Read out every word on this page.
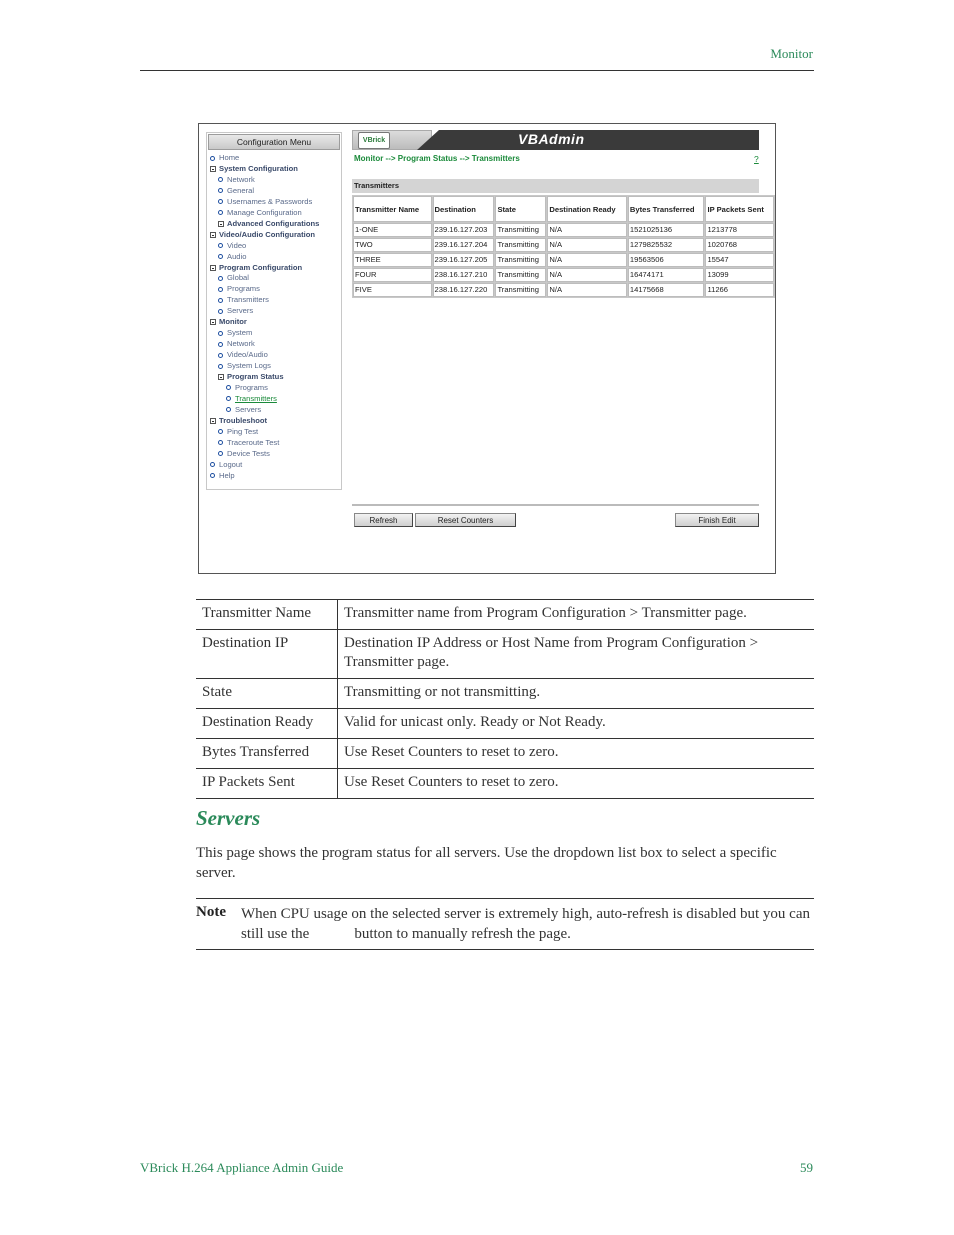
Monitor
Configuration Menu
Home
System Configuration
Network
General
Usernames & Passwords
Manage Configuration
Advanced Configurations
Video/Audio Configuration
Video
Audio
Program Configuration
Global
Programs
Transmitters
Servers
Monitor
System
Network
Video/Audio
System Logs
Program Status
Programs
Transmitters
Servers
Troubleshoot
Ping Test
Traceroute Test
Device Tests
Logout
Help
VBrick	VBAdmin
Monitor --> Program Status --> Transmitters	?
Transmitters
Transmitter Name	Destination	State	Destination Ready	Bytes Transferred	IP Packets Sent
1-ONE	239.16.127.203	Transmitting	N/A	1521025136	1213778
TWO	239.16.127.204	Transmitting	N/A	1279825532	1020768
THREE	239.16.127.205	Transmitting	N/A	19563506	15547
FOUR	238.16.127.210	Transmitting	N/A	16474171	13099
FIVE	238.16.127.220	Transmitting	N/A	14175668	11266
Refresh	Reset Counters	Finish Edit
Transmitter Name	Transmitter name from Program Configuration > Transmitter page.
Destination IP	Destination IP Address or Host Name from Program Configuration > Transmitter page.
State	Transmitting or not transmitting.
Destination Ready	Valid for unicast only. Ready or Not Ready.
Bytes Transferred	Use Reset Counters to reset to zero.
IP Packets Sent	Use Reset Counters to reset to zero.
Servers
This page shows the program status for all servers. Use the dropdown list box to select a specific server.
Note When CPU usage on the selected server is extremely high, auto-refresh is disabled but you can still use the            button to manually refresh the page.
VBrick H.264 Appliance Admin Guide	59
